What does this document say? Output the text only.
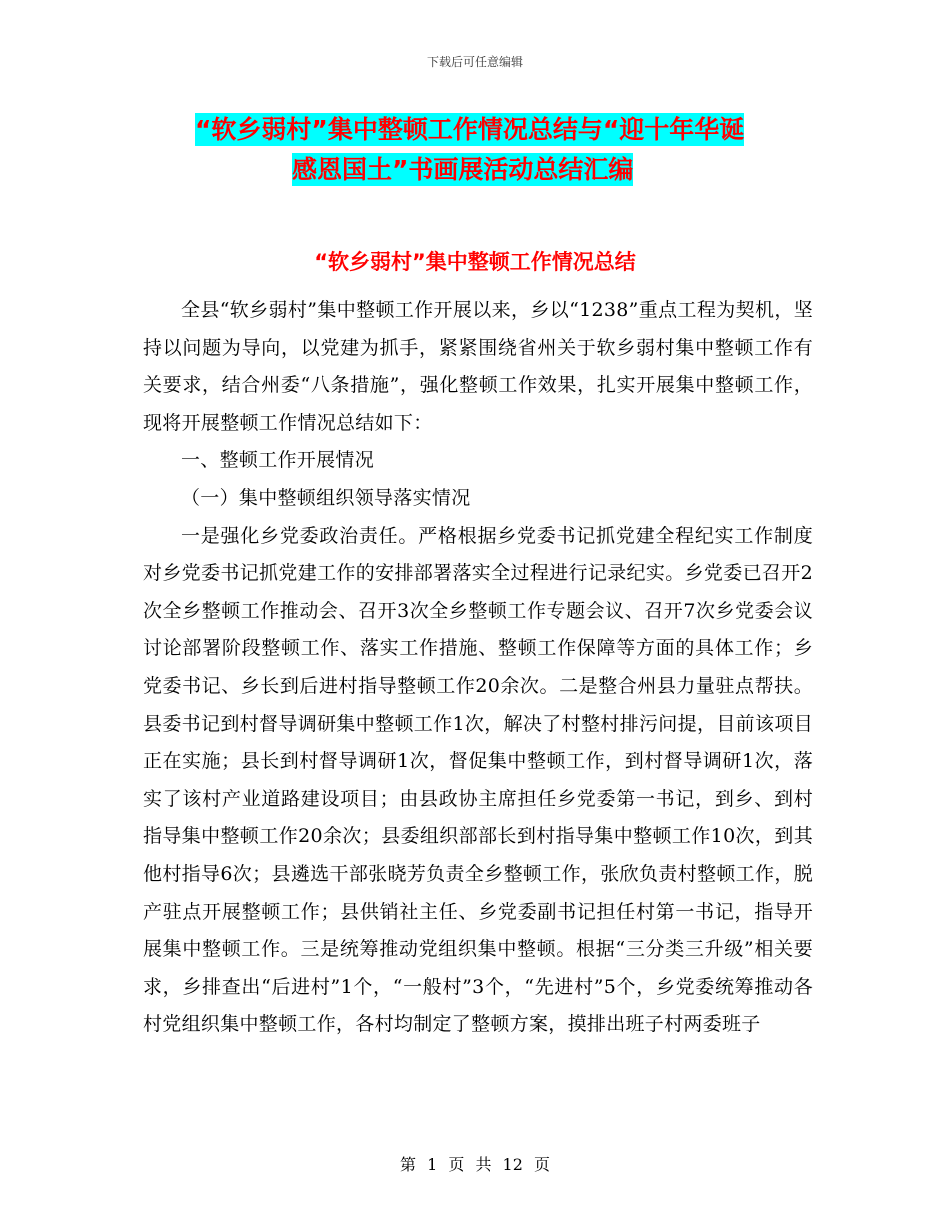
下载后可任意编辑
“软乡弱村”集中整顿工作情况总结与“迎十年华诞
感恩国土”书画展活动总结汇编
“软乡弱村”集中整顿工作情况总结

全县“软乡弱村”集中整顿工作开展以来，乡以“1238”重点工程为契机，坚持以问题为导向，以党建为抓手，紧紧围绕省州关于软乡弱村集中整顿工作有关要求，结合州委“八条措施”，强化整顿工作效果，扎实开展集中整顿工作，现将开展整顿工作情况总结如下：

一、整顿工作开展情况

（一）集中整顿组织领导落实情况

一是强化乡党委政治责任。严格根据乡党委书记抓党建全程纪实工作制度对乡党委书记抓党建工作的安排部署落实全过程进行记录纪实。乡党委已召开2次全乡整顿工作推动会、召开3次全乡整顿工作专题会议、召开7次乡党委会议讨论部署阶段整顿工作、落实工作措施、整顿工作保障等方面的具体工作；乡党委书记、乡长到后进村指导整顿工作20余次。二是整合州县力量驻点帮扶。县委书记到村督导调研集中整顿工作1次，解决了村整村排污问提，目前该项目正在实施；县长到村督导调研1次，督促集中整顿工作，到村督导调研1次，落实了该村产业道路建设项目；由县政协主席担任乡党委第一书记，到乡、到村指导集中整顿工作20余次；县委组织部部长到村指导集中整顿工作10次，到其他村指导6次；县遴选干部张晓芳负责全乡整顿工作，张欣负责村整顿工作，脱产驻点开展整顿工作；县供销社主任、乡党委副书记担任村第一书记，指导开展集中整顿工作。三是统筹推动党组织集中整顿。根据“三分类三升级”相关要求，乡排查出“后进村”1个，“一般村”3个，“先进村”5个，乡党委统筹推动各村党组织集中整顿工作，各村均制定了整顿方案，摸排出班子村两委班子

第 1 页 共 12 页
